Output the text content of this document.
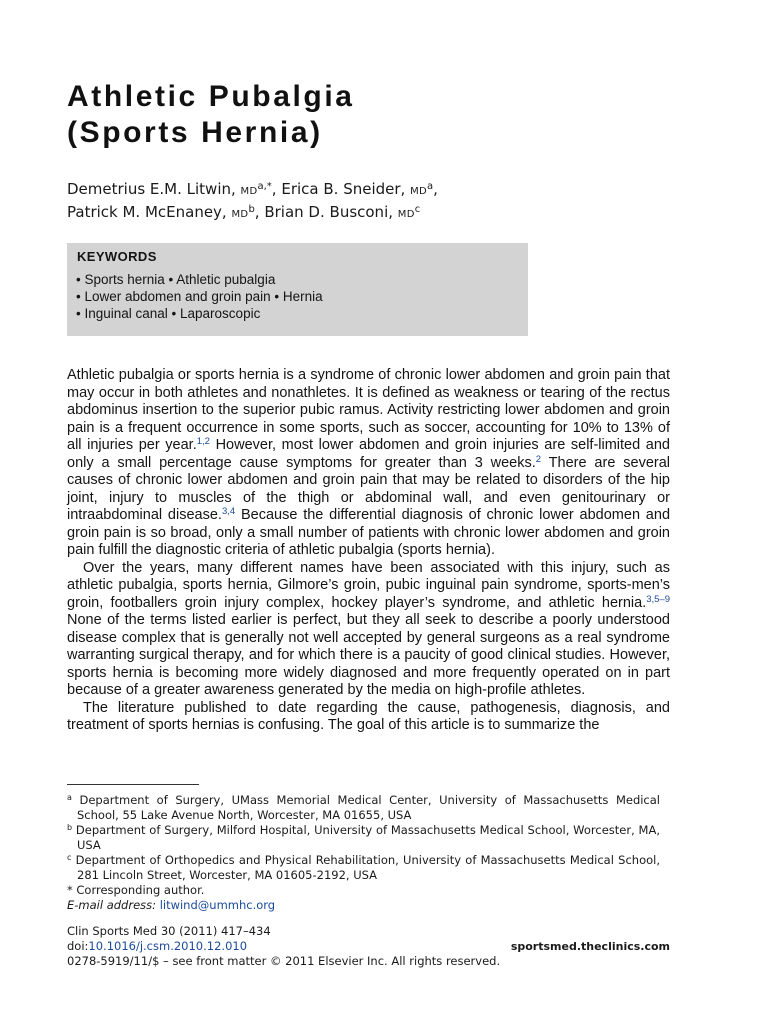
Athletic Pubalgia
(Sports Hernia)
Demetrius E.M. Litwin, $MD^{a,*}$, Erica B. Sneider, $MD^a$,
Patrick M. McEnaney, $MD^b$, Brian D. Busconi, $MD^c$
KEYWORDS
• Sports hernia • Athletic pubalgia
• Lower abdomen and groin pain • Hernia
• Inguinal canal • Laparoscopic

Athletic pubalgia or sports hernia is a syndrome of chronic lower abdomen and groin pain that may occur in both athletes and nonathletes. It is defined as weakness or tearing of the rectus abdominus insertion to the superior pubic ramus. Activity restricting lower abdomen and groin pain is a frequent occurrence in some sports, such as soccer, accounting for 10% to 13% of all injuries per year.$^{1,2}$ However, most lower abdomen and groin injuries are self-limited and only a small percentage cause symptoms for greater than 3 weeks.$^2$ There are several causes of chronic lower abdomen and groin pain that may be related to disorders of the hip joint, injury to muscles of the thigh or abdominal wall, and even genitourinary or intraabdominal disease.$^{3,4}$ Because the differential diagnosis of chronic lower abdomen and groin pain is so broad, only a small number of patients with chronic lower abdomen and groin pain fulfill the diagnostic criteria of athletic pubalgia (sports hernia).

Over the years, many different names have been associated with this injury, such as athletic pubalgia, sports hernia, Gilmore’s groin, pubic inguinal pain syndrome, sports-men’s groin, footballers groin injury complex, hockey player’s syndrome, and athletic hernia.$^{3,5-9}$ None of the terms listed earlier is perfect, but they all seek to describe a poorly understood disease complex that is generally not well accepted by general surgeons as a real syndrome warranting surgical therapy, and for which there is a paucity of good clinical studies. However, sports hernia is becoming more widely diagnosed and more frequently operated on in part because of a greater awareness generated by the media on high-profile athletes.

The literature published to date regarding the cause, pathogenesis, diagnosis, and treatment of sports hernias is confusing. The goal of this article is to summarize the

$^a$ Department of Surgery, UMass Memorial Medical Center, University of Massachusetts Medical School, 55 Lake Avenue North, Worcester, MA 01655, USA

$^b$ Department of Surgery, Milford Hospital, University of Massachusetts Medical School, Worcester, MA, USA

$^c$ Department of Orthopedics and Physical Rehabilitation, University of Massachusetts Medical School, 281 Lincoln Street, Worcester, MA 01605-2192, USA

* Corresponding author.

E-mail address: litwind@ummhc.org

Clin Sports Med 30 (2011) 417–434
doi:10.1016/j.csm.2010.12.010	sportsmed.theclinics.com
0278-5919/11/$ – see front matter © 2011 Elsevier Inc. All rights reserved.
